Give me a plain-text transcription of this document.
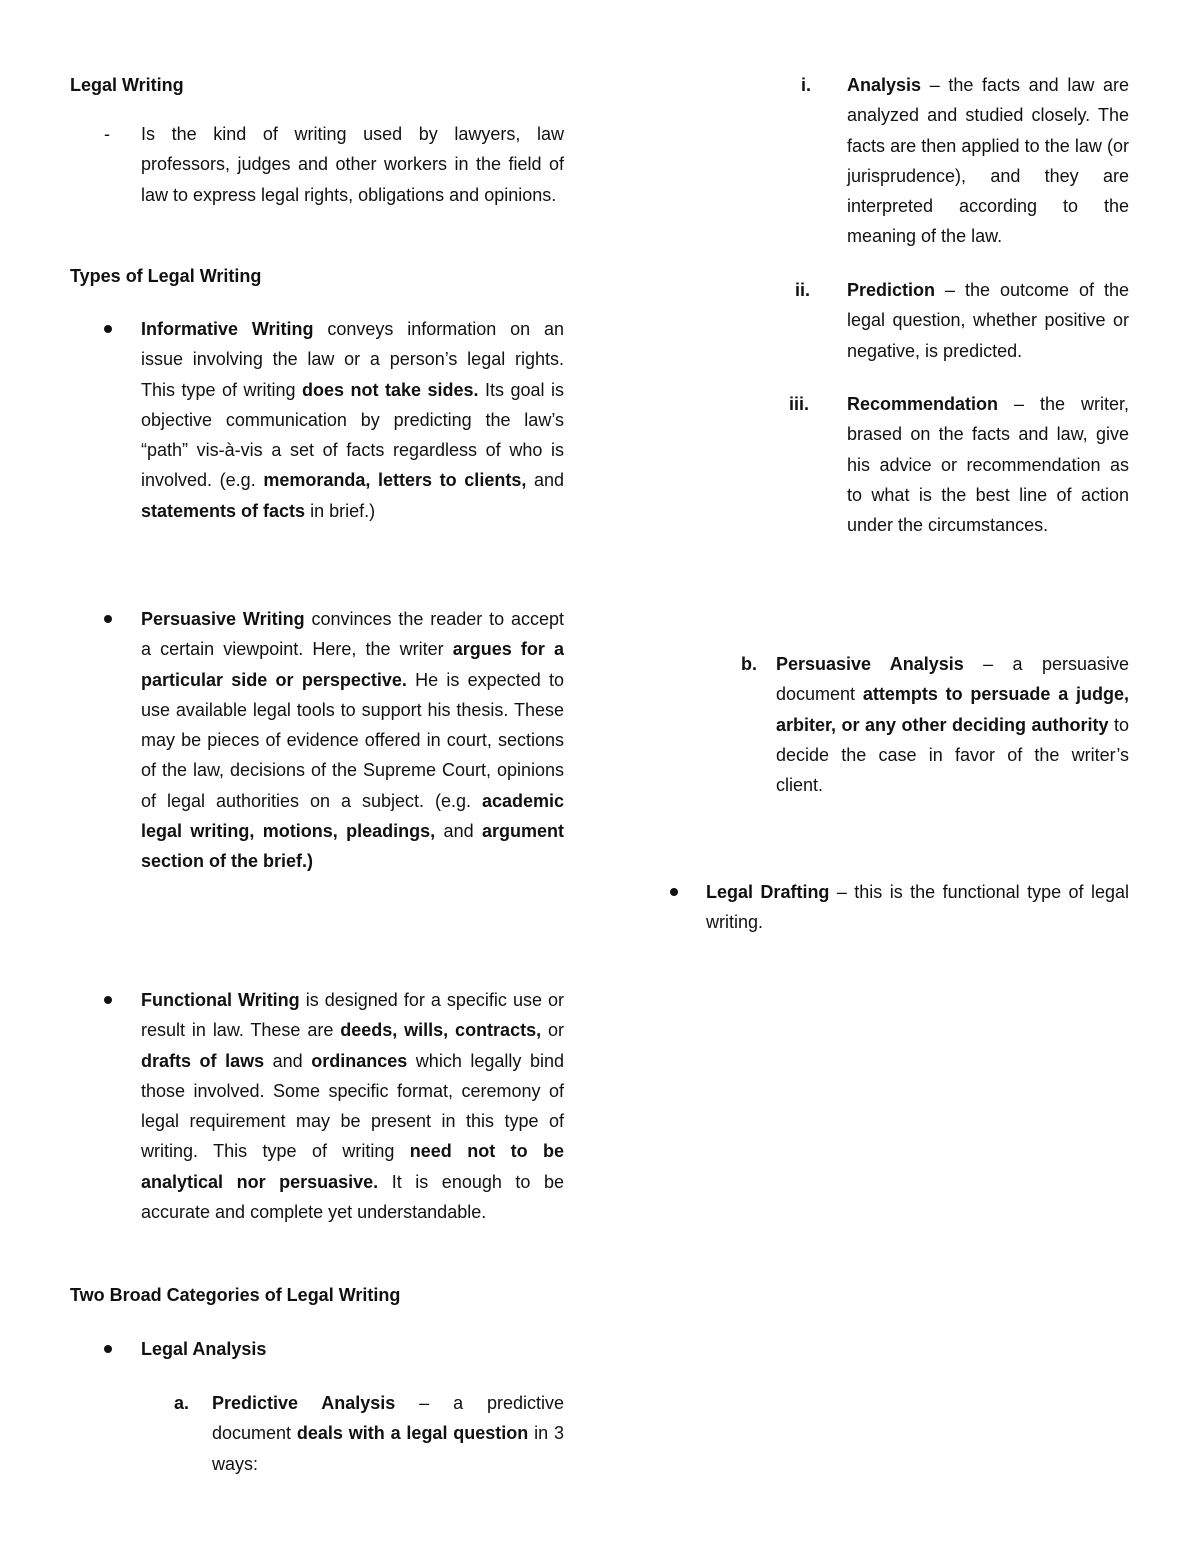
Legal Writing
- Is the kind of writing used by lawyers, law professors, judges and other workers in the field of law to express legal rights, obligations and opinions.
Types of Legal Writing
Informative Writing conveys information on an issue involving the law or a person’s legal rights. This type of writing does not take sides. Its goal is objective communication by predicting the law’s “path” vis-à-vis a set of facts regardless of who is involved. (e.g. memoranda, letters to clients, and statements of facts in brief.)
Persuasive Writing convinces the reader to accept a certain viewpoint. Here, the writer argues for a particular side or perspective. He is expected to use available legal tools to support his thesis. These may be pieces of evidence offered in court, sections of the law, decisions of the Supreme Court, opinions of legal authorities on a subject. (e.g. academic legal writing, motions, pleadings, and argument section of the brief.)
Functional Writing is designed for a specific use or result in law. These are deeds, wills, contracts, or drafts of laws and ordinances which legally bind those involved. Some specific format, ceremony of legal requirement may be present in this type of writing. This type of writing need not to be analytical nor persuasive. It is enough to be accurate and complete yet understandable.
Two Broad Categories of Legal Writing
Legal Analysis
a. Predictive Analysis – a predictive document deals with a legal question in 3 ways:
i. Analysis – the facts and law are analyzed and studied closely. The facts are then applied to the law (or jurisprudence), and they are interpreted according to the meaning of the law.
ii. Prediction – the outcome of the legal question, whether positive or negative, is predicted.
iii. Recommendation – the writer, brased on the facts and law, give his advice or recommendation as to what is the best line of action under the circumstances.
b. Persuasive Analysis – a persuasive document attempts to persuade a judge, arbiter, or any other deciding authority to decide the case in favor of the writer’s client.
Legal Drafting – this is the functional type of legal writing.
